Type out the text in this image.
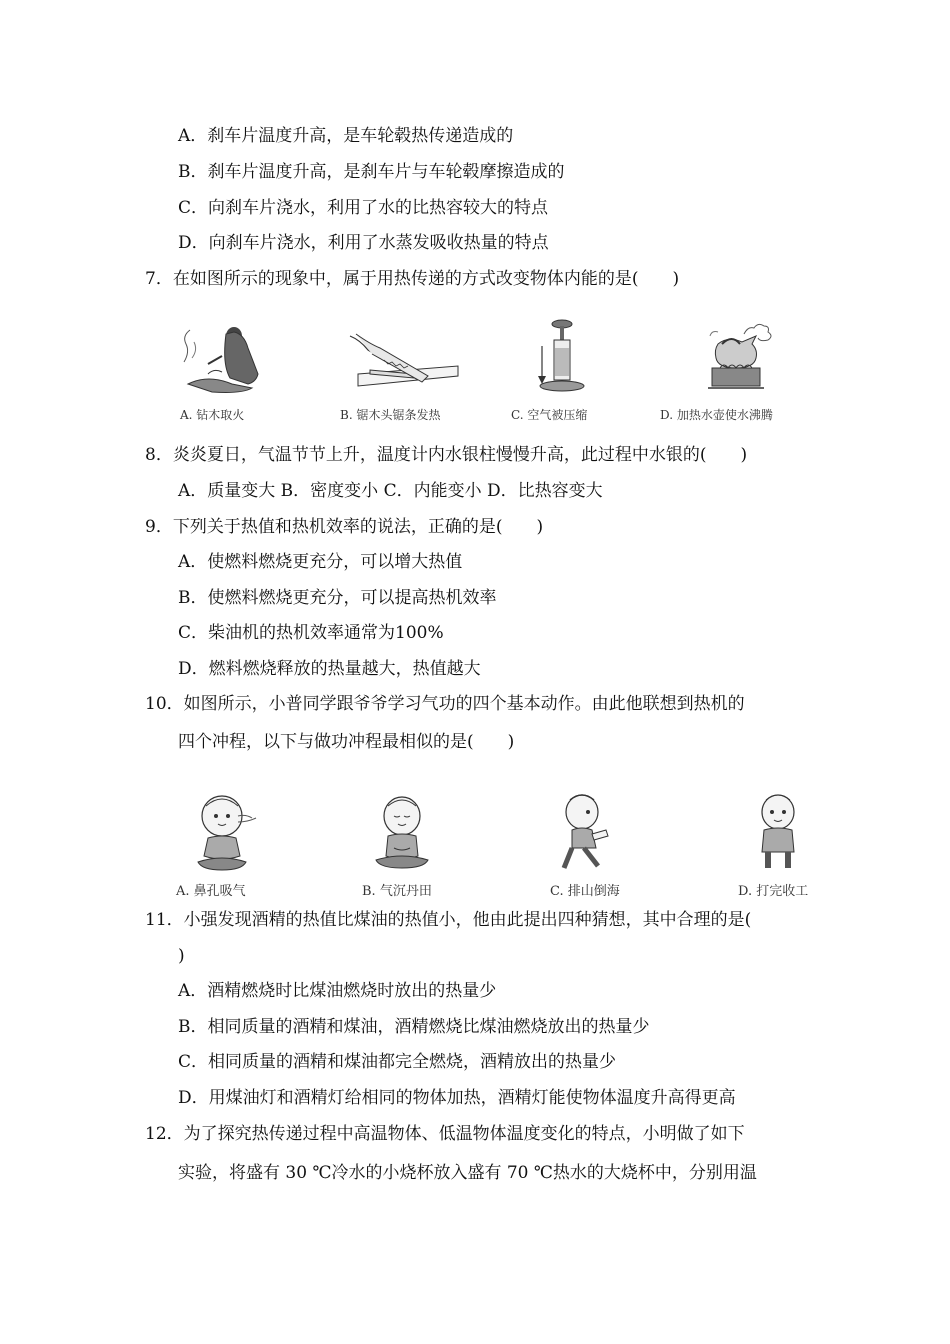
A．刹车片温度升高，是车轮毂热传递造成的
B．刹车片温度升高，是刹车片与车轮毂摩擦造成的
C．向刹车片浇水，利用了水的比热容较大的特点
D．向刹车片浇水，利用了水蒸发吸收热量的特点
7．在如图所示的现象中，属于用热传递的方式改变物体内能的是(　　)
A. 钻木取火	B. 锯木头锯条发热	C. 空气被压缩	D. 加热水壶使水沸腾
8．炎炎夏日，气温节节上升，温度计内水银柱慢慢升高，此过程中水银的(　　)
A．质量变大 B．密度变小 C．内能变小 D．比热容变大
9．下列关于热值和热机效率的说法，正确的是(　　)
A．使燃料燃烧更充分，可以增大热值
B．使燃料燃烧更充分，可以提高热机效率
C．柴油机的热机效率通常为100%
D．燃料燃烧释放的热量越大，热值越大
10．如图所示，小普同学跟爷爷学习气功的四个基本动作。由此他联想到热机的
四个冲程，以下与做功冲程最相似的是(　　)
A. 鼻孔吸气	B. 气沉丹田	C. 排山倒海	D. 打完收工
11．小强发现酒精的热值比煤油的热值小，他由此提出四种猜想，其中合理的是(
)
A．酒精燃烧时比煤油燃烧时放出的热量少
B．相同质量的酒精和煤油，酒精燃烧比煤油燃烧放出的热量少
C．相同质量的酒精和煤油都完全燃烧，酒精放出的热量少
D．用煤油灯和酒精灯给相同的物体加热，酒精灯能使物体温度升高得更高
12．为了探究热传递过程中高温物体、低温物体温度变化的特点，小明做了如下
实验，将盛有 30 ℃冷水的小烧杯放入盛有 70 ℃热水的大烧杯中，分别用温
